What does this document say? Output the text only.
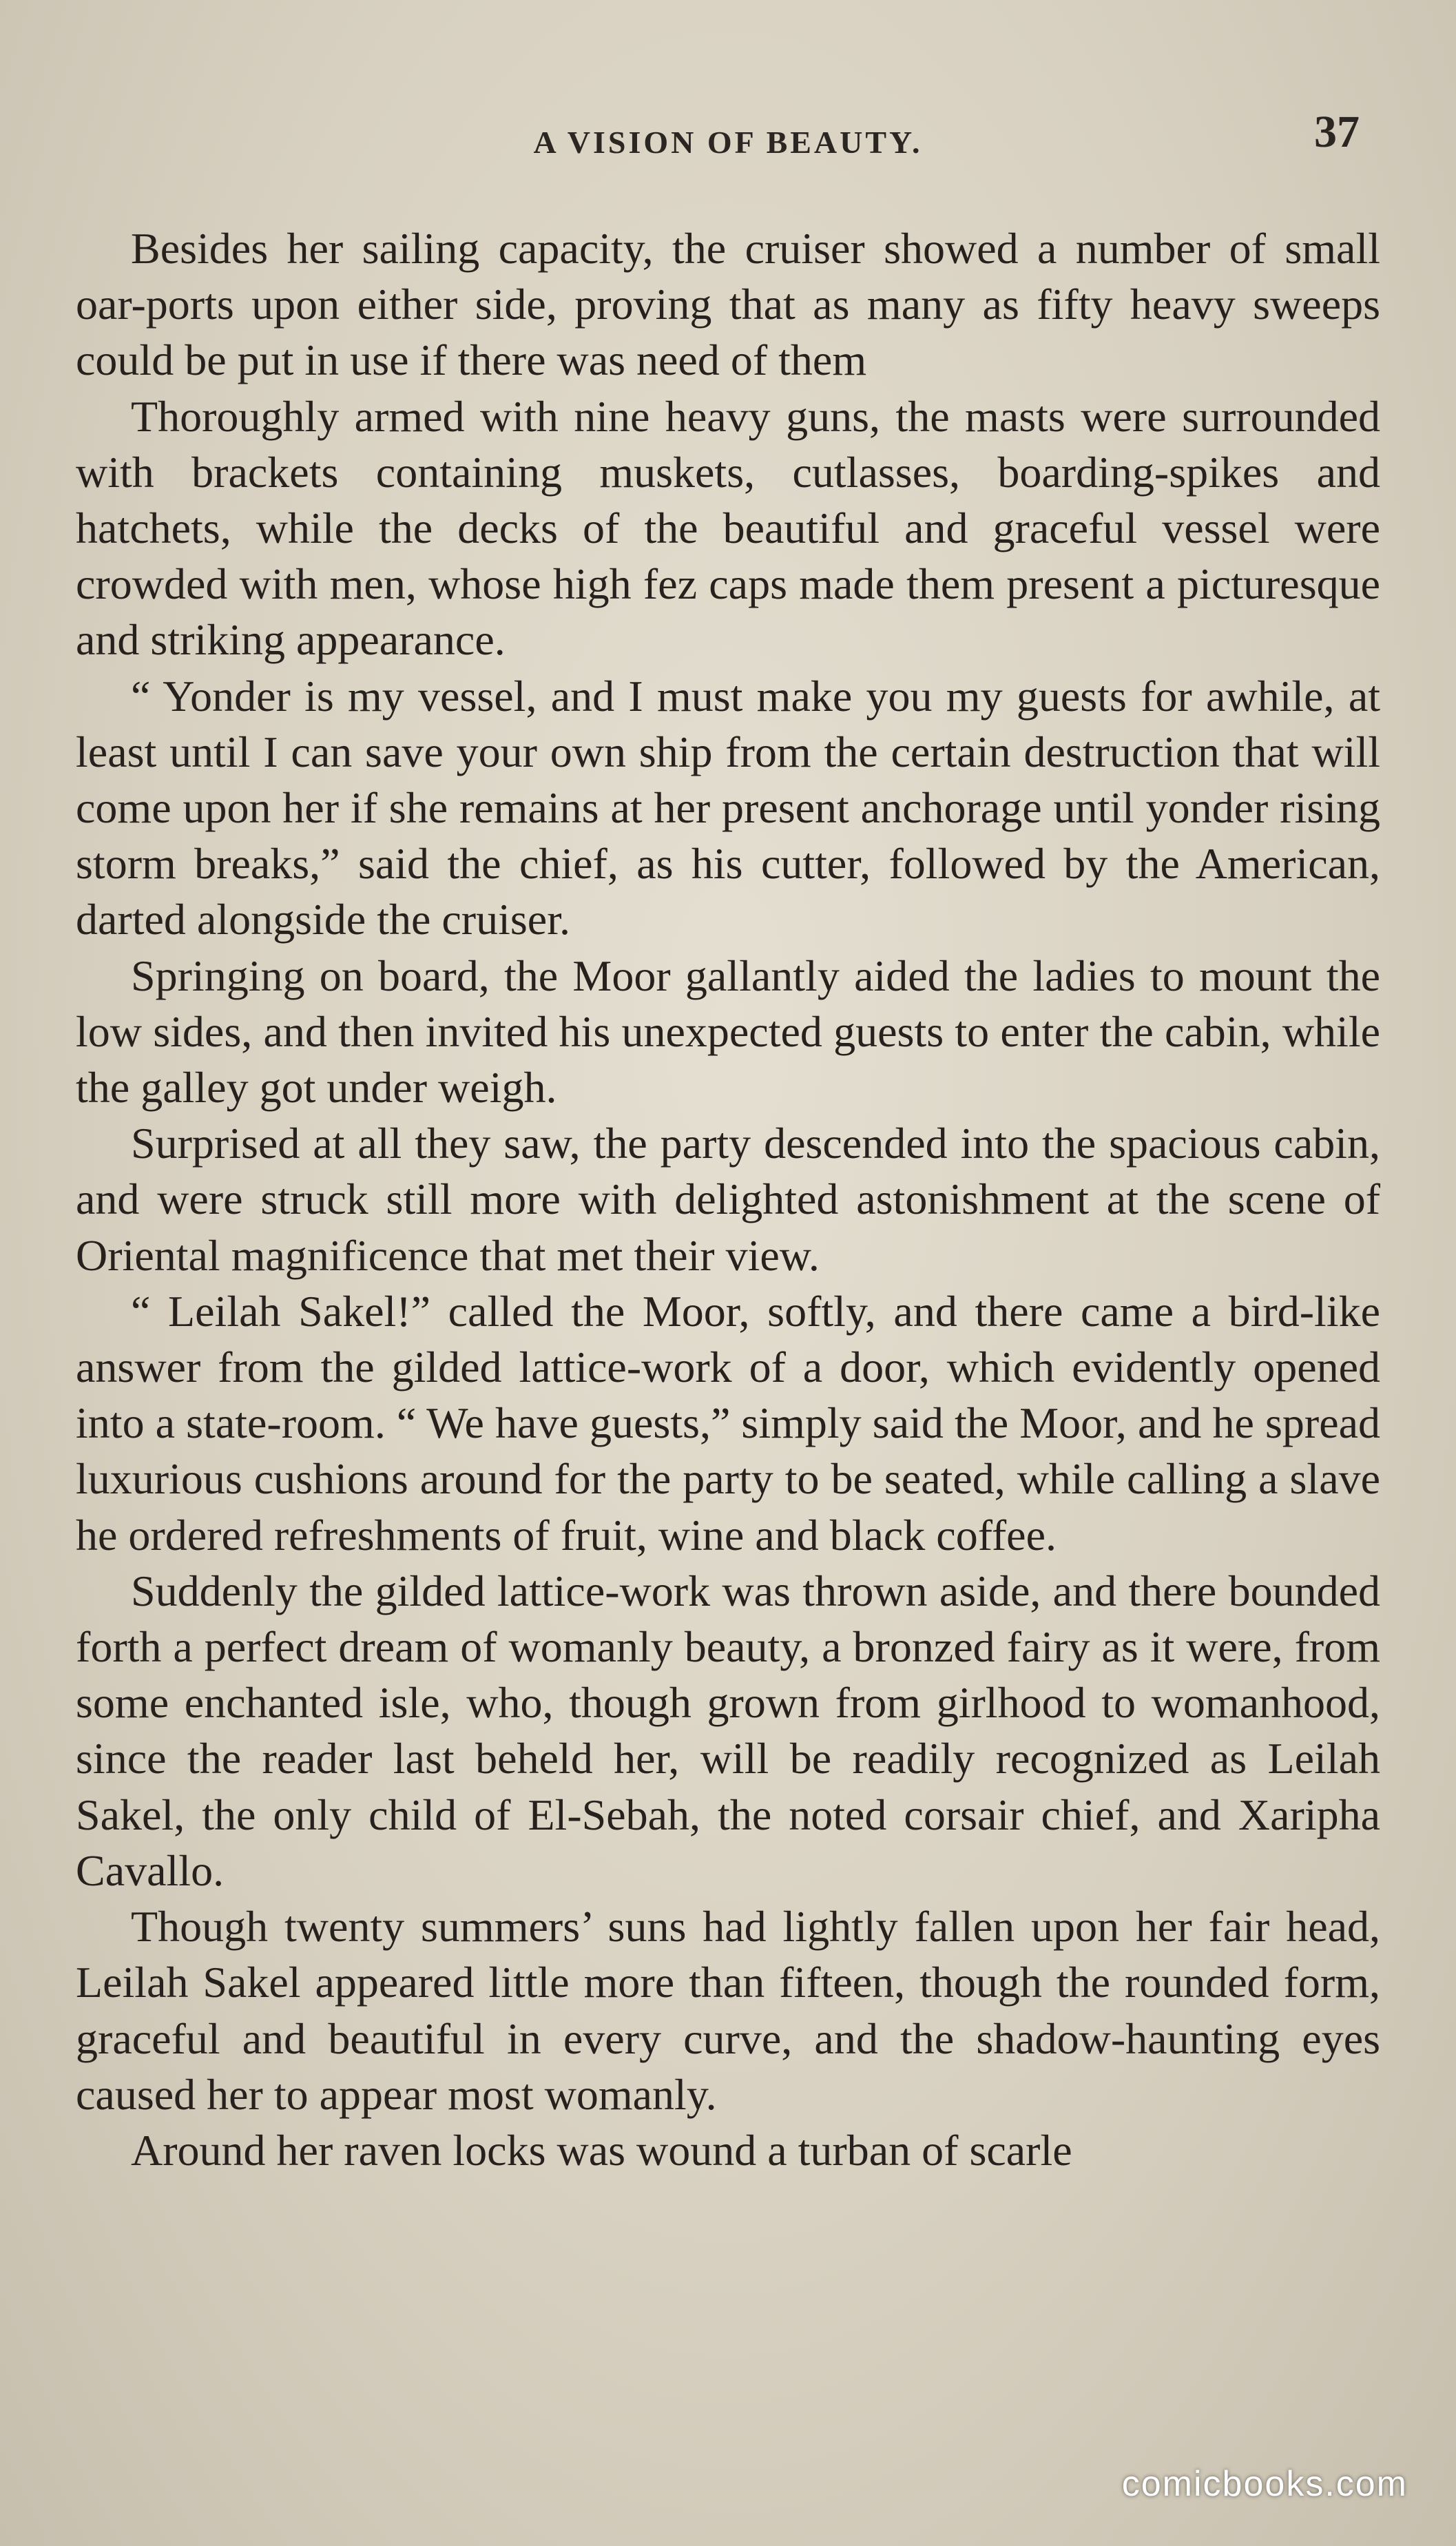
A VISION OF BEAUTY.	37

Besides her sailing capacity, the cruiser showed a number of small oar-ports upon either side, proving that as many as fifty heavy sweeps could be put in use if there was need of them

Thoroughly armed with nine heavy guns, the masts were surrounded with brackets containing muskets, cutlasses, boarding-spikes and hatchets, while the decks of the beautiful and graceful vessel were crowded with men, whose high fez caps made them present a picturesque and striking appearance.

“ Yonder is my vessel, and I must make you my guests for awhile, at least until I can save your own ship from the certain destruction that will come upon her if she remains at her present anchorage until yonder rising storm breaks,” said the chief, as his cutter, followed by the American, darted alongside the cruiser.

Springing on board, the Moor gallantly aided the ladies to mount the low sides, and then invited his unexpected guests to enter the cabin, while the galley got under weigh.

Surprised at all they saw, the party descended into the spacious cabin, and were struck still more with delighted astonishment at the scene of Oriental magnificence that met their view.

“ Leilah Sakel!” called the Moor, softly, and there came a bird-like answer from the gilded lattice-work of a door, which evidently opened into a state-room. “ We have guests,” simply said the Moor, and he spread luxurious cushions around for the party to be seated, while calling a slave he ordered refreshments of fruit, wine and black coffee.

Suddenly the gilded lattice-work was thrown aside, and there bounded forth a perfect dream of womanly beauty, a bronzed fairy as it were, from some enchanted isle, who, though grown from girlhood to womanhood, since the reader last beheld her, will be readily recognized as Leilah Sakel, the only child of El-Sebah, the noted corsair chief, and Xaripha Cavallo.

Though twenty summers’ suns had lightly fallen upon her fair head, Leilah Sakel appeared little more than fifteen, though the rounded form, graceful and beautiful in every curve, and the shadow-haunting eyes caused her to appear most womanly.

Around her raven locks was wound a turban of scarle

comicbooks.com
